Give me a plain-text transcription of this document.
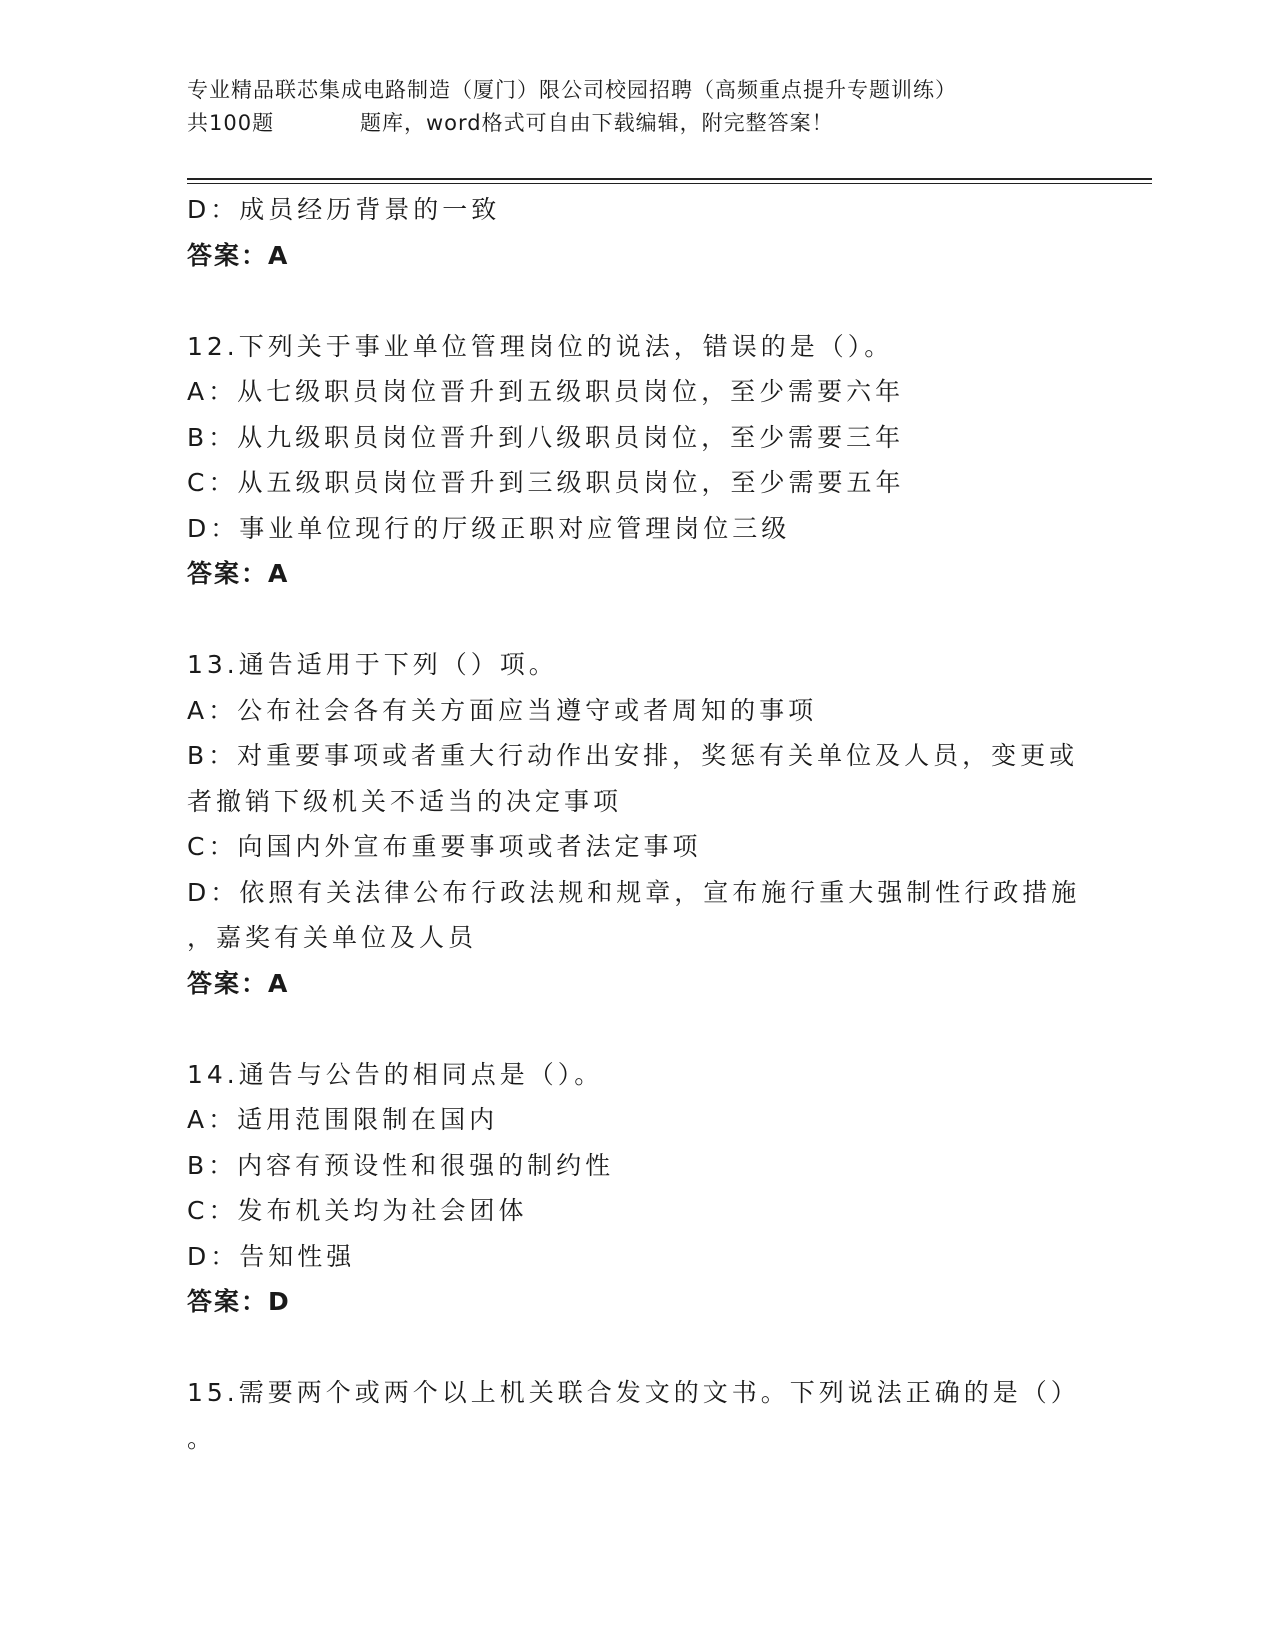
专业精品联芯集成电路制造（厦门）限公司校园招聘（高频重点提升专题训练）
共100题	题库，word格式可自由下载编辑，附完整答案！
D：成员经历背景的一致
答案：A
12.下列关于事业单位管理岗位的说法，错误的是（）。
A：从七级职员岗位晋升到五级职员岗位，至少需要六年
B：从九级职员岗位晋升到八级职员岗位，至少需要三年
C：从五级职员岗位晋升到三级职员岗位，至少需要五年
D：事业单位现行的厅级正职对应管理岗位三级
答案：A
13.通告适用于下列（）项。
A：公布社会各有关方面应当遵守或者周知的事项
B：对重要事项或者重大行动作出安排，奖惩有关单位及人员，变更或
者撤销下级机关不适当的决定事项
C：向国内外宣布重要事项或者法定事项
D：依照有关法律公布行政法规和规章，宣布施行重大强制性行政措施
，嘉奖有关单位及人员
答案：A
14.通告与公告的相同点是（）。
A：适用范围限制在国内
B：内容有预设性和很强的制约性
C：发布机关均为社会团体
D：告知性强
答案：D
15.需要两个或两个以上机关联合发文的文书。下列说法正确的是（）
。
